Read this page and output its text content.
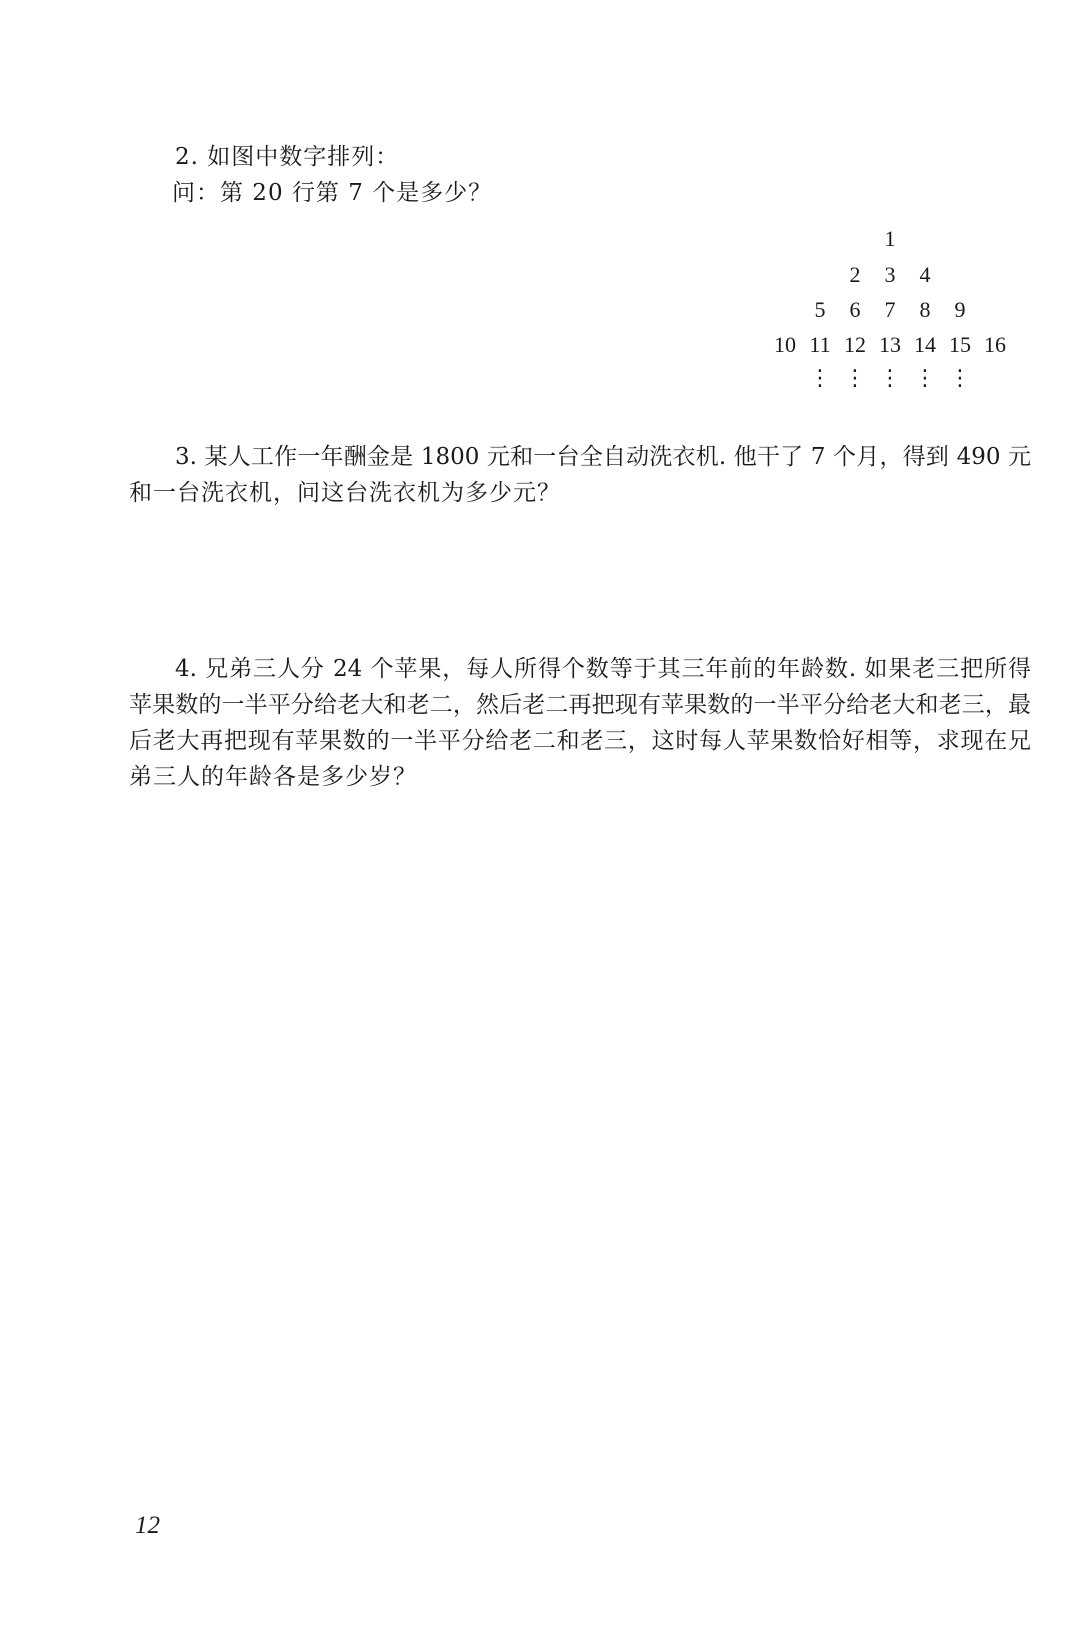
2. 如图中数字排列：
问：第 20 行第 7 个是多少？
1
2	3	4
5	6	7	8	9
10 11 12 13 14 15 16
⋮ ⋮ ⋮ ⋮ ⋮
3. 某人工作一年酬金是 1800 元和一台全自动洗衣机. 他干了 7 个月，得到 490 元
和一台洗衣机，问这台洗衣机为多少元？
4. 兄弟三人分 24 个苹果，每人所得个数等于其三年前的年龄数. 如果老三把所得
苹果数的一半平分给老大和老二，然后老二再把现有苹果数的一半平分给老大和老三，最
后老大再把现有苹果数的一半平分给老二和老三，这时每人苹果数恰好相等，求现在兄
弟三人的年龄各是多少岁？
12
